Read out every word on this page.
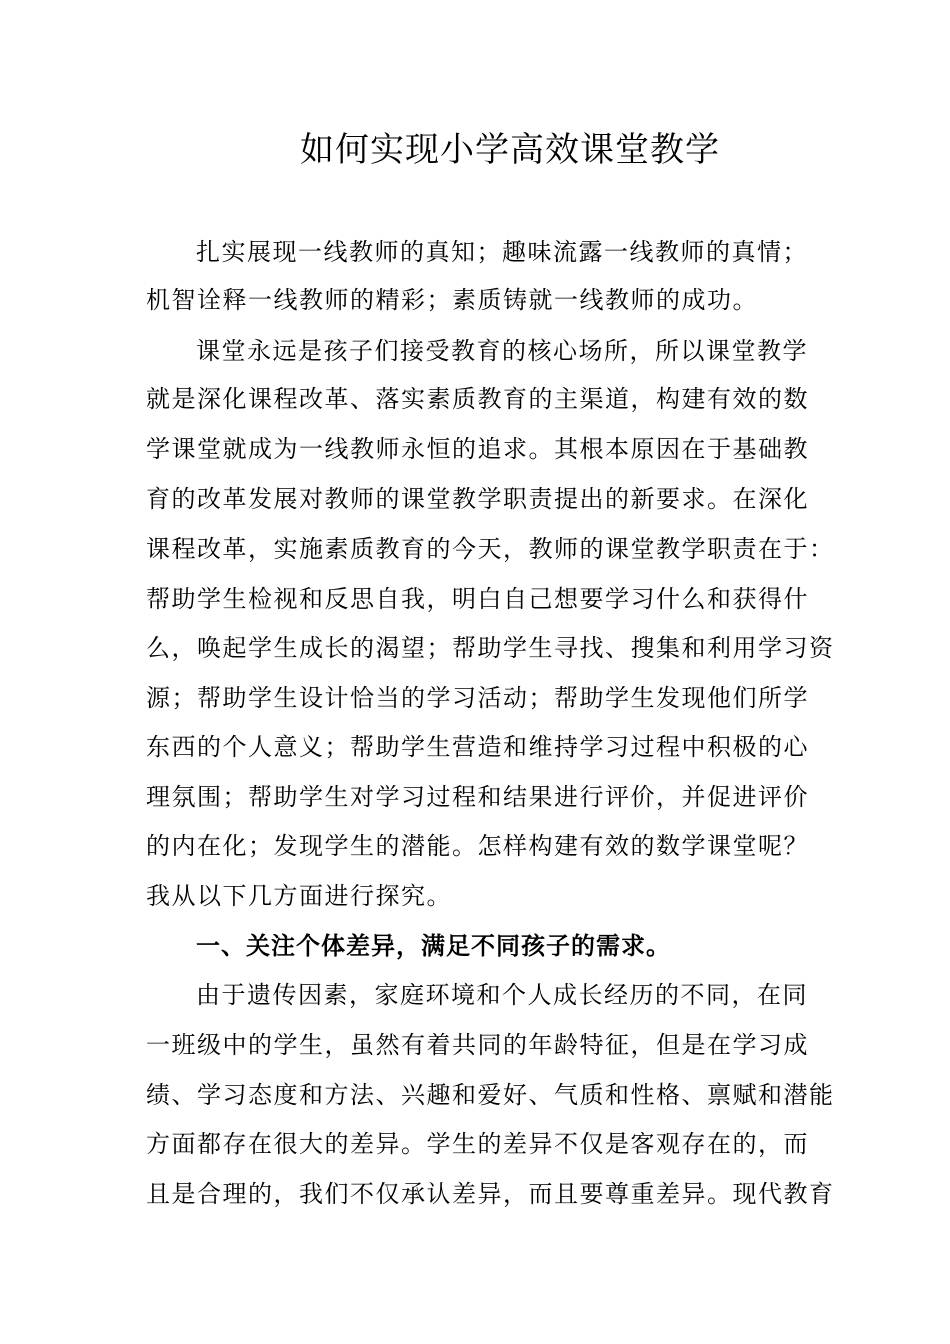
如何实现小学高效课堂教学
扎实展现一线教师的真知；趣味流露一线教师的真情；
机智诠释一线教师的精彩；素质铸就一线教师的成功。
课堂永远是孩子们接受教育的核心场所，所以课堂教学
就是深化课程改革、落实素质教育的主渠道，构建有效的数
学课堂就成为一线教师永恒的追求。其根本原因在于基础教
育的改革发展对教师的课堂教学职责提出的新要求。在深化
课程改革，实施素质教育的今天，教师的课堂教学职责在于：
帮助学生检视和反思自我，明白自己想要学习什么和获得什
么，唤起学生成长的渴望；帮助学生寻找、搜集和利用学习资
源；帮助学生设计恰当的学习活动；帮助学生发现他们所学
东西的个人意义；帮助学生营造和维持学习过程中积极的心
理氛围；帮助学生对学习过程和结果进行评价，并促进评价
的内在化；发现学生的潜能。怎样构建有效的数学课堂呢？
我从以下几方面进行探究。
一、关注个体差异，满足不同孩子的需求。
由于遗传因素，家庭环境和个人成长经历的不同，在同
一班级中的学生，虽然有着共同的年龄特征，但是在学习成
绩、学习态度和方法、兴趣和爱好、气质和性格、禀赋和潜能
方面都存在很大的差异。学生的差异不仅是客观存在的，而
且是合理的，我们不仅承认差异，而且要尊重差异。现代教育
